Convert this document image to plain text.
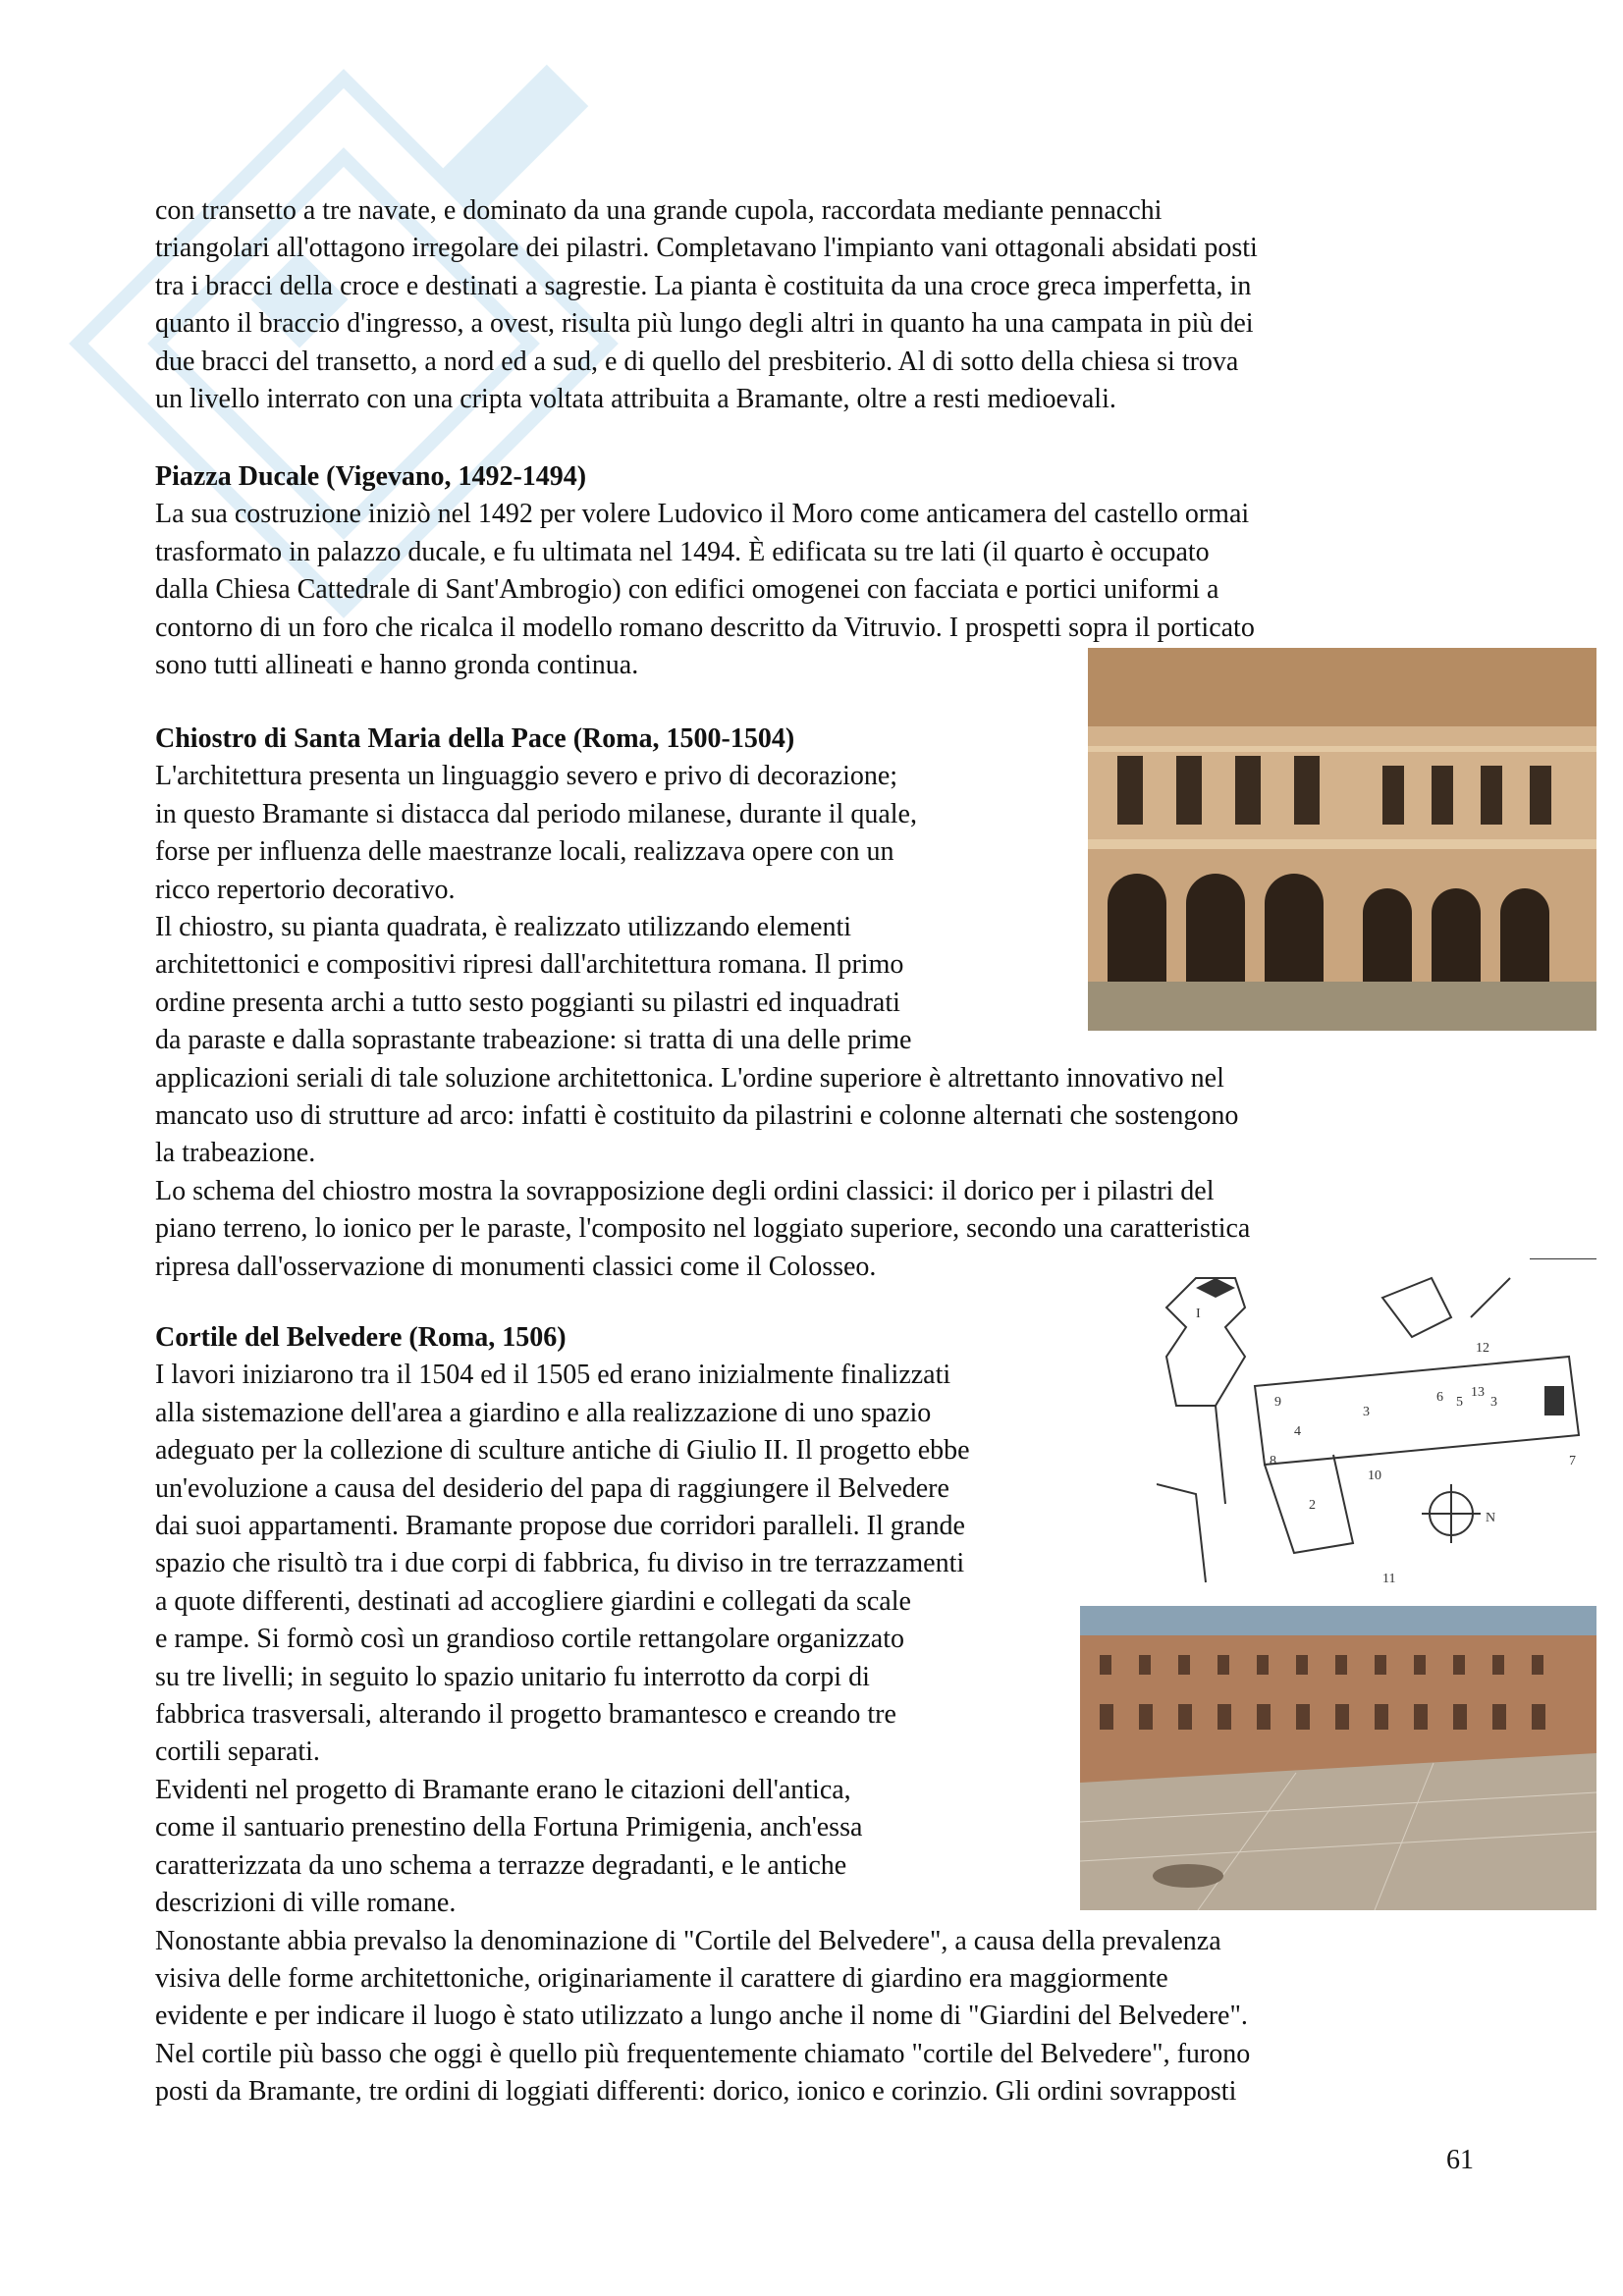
con transetto a tre navate, e dominato da una grande cupola, raccordata mediante pennacchi
triangolari all'ottagono irregolare dei pilastri. Completavano l'impianto vani ottagonali absidati posti
tra i bracci della croce e destinati a sagrestie. La pianta è costituita da una croce greca imperfetta, in
quanto il braccio d'ingresso, a ovest, risulta più lungo degli altri in quanto ha una campata in più dei
due bracci del transetto, a nord ed a sud, e di quello del presbiterio. Al di sotto della chiesa si trova
un livello interrato con una cripta voltata attribuita a Bramante, oltre a resti medioevali.
Piazza Ducale (Vigevano, 1492-1494)
La sua costruzione iniziò nel 1492 per volere Ludovico il Moro come anticamera del castello ormai
trasformato in palazzo ducale, e fu ultimata nel 1494. È edificata su tre lati (il quarto è occupato
dalla Chiesa Cattedrale di Sant'Ambrogio) con edifici omogenei con facciata e portici uniformi a
contorno di un foro che ricalca il modello romano descritto da Vitruvio. I prospetti sopra il porticato
sono tutti allineati e hanno gronda continua.
Chiostro di Santa Maria della Pace (Roma, 1500-1504)
L'architettura presenta un linguaggio severo e privo di decorazione;
in questo Bramante si distacca dal periodo milanese, durante il quale,
forse per influenza delle maestranze locali, realizzava opere con un
ricco repertorio decorativo.
Il chiostro, su pianta quadrata, è realizzato utilizzando elementi
architettonici e compositivi ripresi dall'architettura romana. Il primo
ordine presenta archi a tutto sesto poggianti su pilastri ed inquadrati
da paraste e dalla soprastante trabeazione: si tratta di una delle prime
applicazioni seriali di tale soluzione architettonica. L'ordine superiore è altrettanto innovativo nel
mancato uso di strutture ad arco: infatti è costituito da pilastrini e colonne alternati che sostengono
la trabeazione.
Lo schema del chiostro mostra la sovrapposizione degli ordini classici: il dorico per i pilastri del
piano terreno, lo ionico per le paraste, l'composito nel loggiato superiore, secondo una caratteristica
ripresa dall'osservazione di monumenti classici come il Colosseo.
I
2
3
3
6 5
4
7
8
9
10
11
12
13
N
Cortile del Belvedere (Roma, 1506)
I lavori iniziarono tra il 1504 ed il 1505 ed erano inizialmente finalizzati
alla sistemazione dell'area a giardino e alla realizzazione di uno spazio
adeguato per la collezione di sculture antiche di Giulio II. Il progetto ebbe
un'evoluzione a causa del desiderio del papa di raggiungere il Belvedere
dai suoi appartamenti. Bramante propose due corridori paralleli. Il grande
spazio che risultò tra i due corpi di fabbrica, fu diviso in tre terrazzamenti
a quote differenti, destinati ad accogliere giardini e collegati da scale
e rampe. Si formò così un grandioso cortile rettangolare organizzato
su tre livelli; in seguito lo spazio unitario fu interrotto da corpi di
fabbrica trasversali, alterando il progetto bramantesco e creando tre
cortili separati.
Evidenti nel progetto di Bramante erano le citazioni dell'antica,
come il santuario prenestino della Fortuna Primigenia, anch'essa
caratterizzata da uno schema a terrazze degradanti, e le antiche
descrizioni di ville romane.
Nonostante abbia prevalso la denominazione di "Cortile del Belvedere", a causa della prevalenza
visiva delle forme architettoniche, originariamente il carattere di giardino era maggiormente
evidente e per indicare il luogo è stato utilizzato a lungo anche il nome di "Giardini del Belvedere".
Nel cortile più basso che oggi è quello più frequentemente chiamato "cortile del Belvedere", furono
posti da Bramante, tre ordini di loggiati differenti: dorico, ionico e corinzio. Gli ordini sovrapposti
61
